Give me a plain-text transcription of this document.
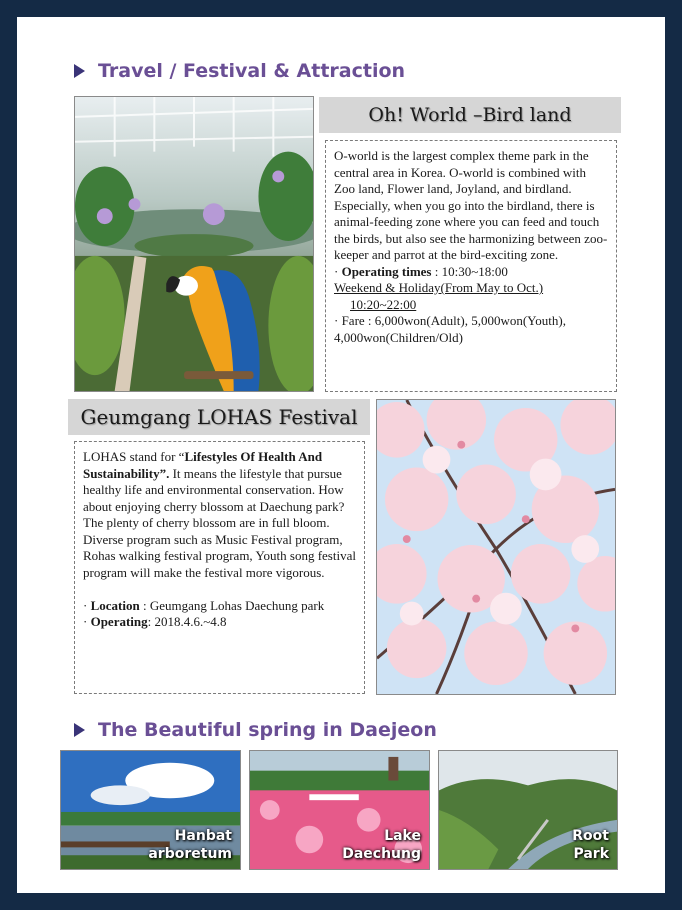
Travel / Festival & Attraction
Oh! World –Bird land

O-world is the largest complex theme park in the central area in Korea. O-world is combined with Zoo land, Flower land, Joyland, and birdland. Especially, when you go into the birdland, there is animal-feeding zone where you can feed and touch the birds, but also see the harmonizing between zoo-keeper and parrot at the bird-exciting zone.

· Operating times : 10:30~18:00

Weekend & Holiday(From May to Oct.)

10:20~22:00

· Fare : 6,000won(Adult), 5,000won(Youth), 4,000won(Children/Old)

Geumgang LOHAS Festival

LOHAS stand for “Lifestyles Of Health And Sustainability”. It means the lifestyle that pursue healthy life and environmental conservation. How about enjoying cherry blossom at Daechung park? The plenty of cherry blossom are in full bloom. Diverse program such as Music Festival program, Rohas walking festival program, Youth song festival program will make the festival more vigorous.

· Location : Geumgang Lohas Daechung park

· Operating: 2018.4.6.~4.8

The Beautiful spring in Daejeon
Hanbat
arboretum
Lake
Daechung
Root
Park
